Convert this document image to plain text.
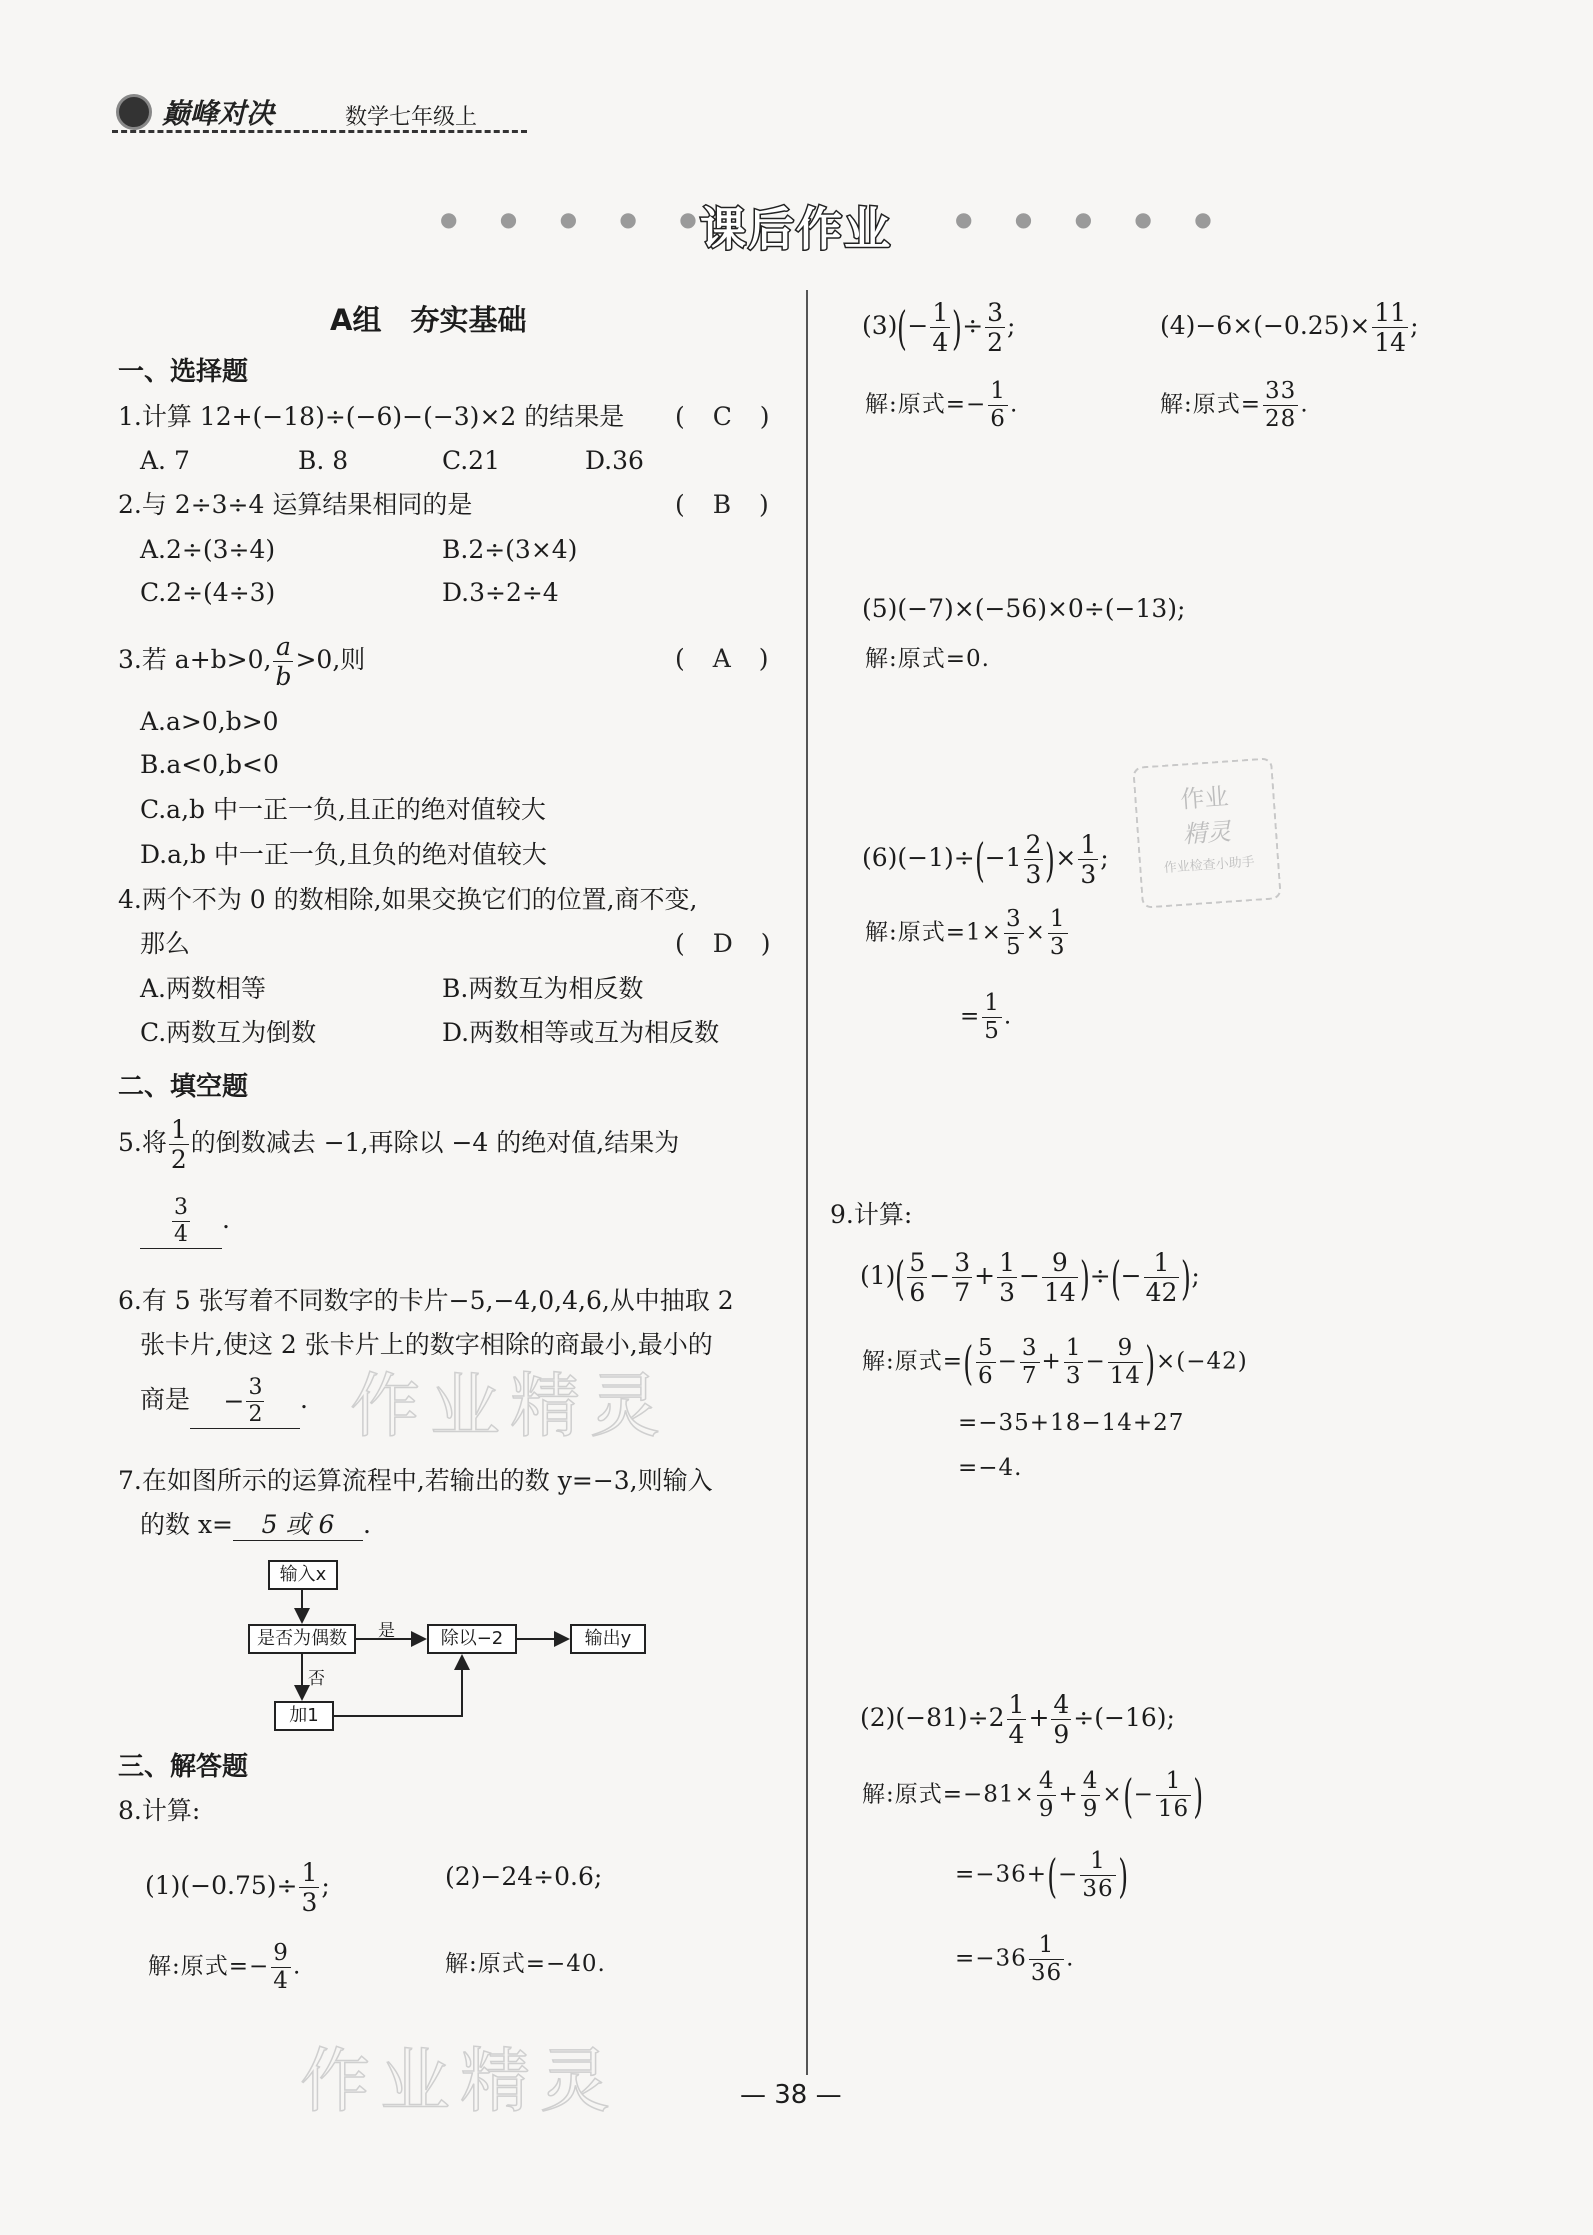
巅峰对决	数学七年级上
● ● ● ● ●
课后作业	● ● ● ● ●
A组　夯实基础
一、选择题
1.计算 12+(−18)÷(−6)−(−3)×2 的结果是 ( C )
A. 7	B. 8	C.21	D.36
2.与 2÷3÷4 运算结果相同的是	( B )
A.2÷(3÷4)	B.2÷(3×4)
C.2÷(4÷3)	D.3÷2÷4
3.若 a+b>0, $\frac{a}{b} >0$,则	( A )
A.a>0,b>0
B.a<0,b<0
C.a,b 中一正一负,且正的绝对值较大
D.a,b 中一正一负,且负的绝对值较大
4.两个不为 0 的数相除,如果交换它们的位置,商不变,
那么	( D )
A.两数相等	B.两数互为相反数
C.两数互为倒数	D.两数相等或互为相反数
二、填空题
5.将 $\frac{1}{2}$ 的倒数减去 −1,再除以 −4 的绝对值,结果为
$\frac{3}{4}$ .
6.有 5 张写着不同数字的卡片−5,−4,0,4,6,从中抽取 2
张卡片,使这 2 张卡片上的数字相除的商最小,最小的
商是 − $\frac{3}{2}$ .
7.在如图所示的运算流程中,若输出的数 y=−3,则输入
的数 x= 5 或 6 .
输入x
是否为偶数	除以−2	输出y
加1
是
否
三、解答题
8.计算:
$(1)(-0.75)\div \frac{1}{3}$ ;	(2)−24÷0.6;
解:原式=− $\frac{9}{4}$ .	解:原式=−40.
$(3)(- \frac{1}{4}$ )÷ $\frac{3}{2}$ ;	$(4)-6\times(-0.25)\times \frac{11}{14}$ ;
解:原式=− $\frac{1}{6}$ .	解:原式= $\frac{33}{28}$ .
(5)(−7)×(−56)×0÷(−13);
解:原式=0.
作业
精灵
作业检查小助手
$(6)(-1)\div(-1 \frac{2}{3}$ )× $\frac{1}{3}$ ;
解:原式$=1\times \frac{3}{5} \times \frac{1}{3}$
= $\frac{1}{5}$ .
9.计算:
$(1)( \frac{5}{6} - \frac{3}{7} + \frac{1}{3} - \frac{9}{14}$ )÷(− $\frac{1}{42}$ );
解:原式=( $\frac{5}{6} - \frac{3}{7} + \frac{1}{3} - \frac{9}{14} )\times(-42)$
=−35+18−14+27
=−4.
$(2)(-81)\div 2 \frac{1}{4} + \frac{4}{9} \div(-16)$;
解:原式$=-81\times \frac{4}{9} + \frac{4}{9}$ ×(− $\frac{1}{16}$ )
$=-36+(- \frac{1}{36}$ )
$=-36 \frac{1}{36}$ .
作业精灵
作业精灵	— 38 —
